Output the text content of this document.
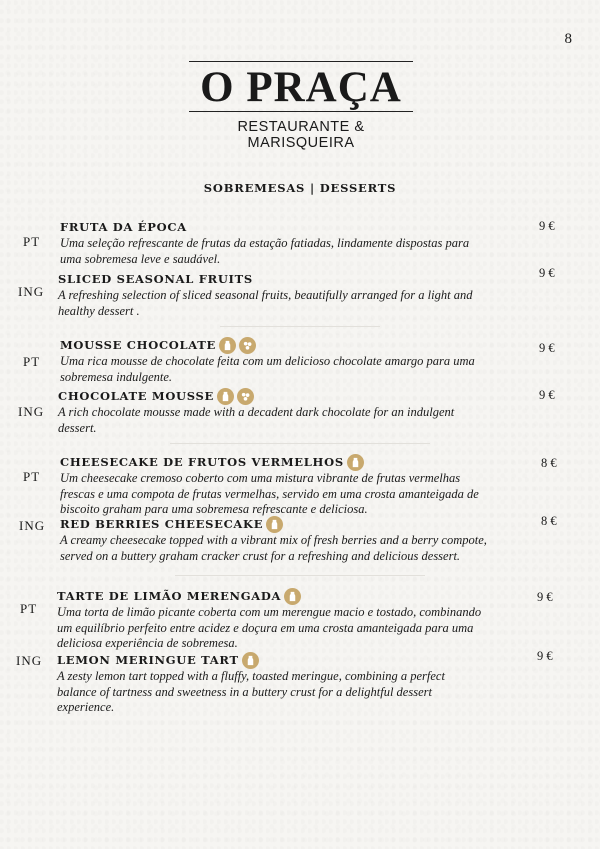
8
O PRAÇA
RESTAURANTE & MARISQUEIRA
SOBREMESAS | DESSERTS
PT
9 €
FRUTA DA ÉPOCA
Uma seleção refrescante de frutas da estação fatiadas, lindamente dispostas para
uma sobremesa leve e saudável.
ING
9 €
SLICED SEASONAL FRUITS
A refreshing selection of sliced seasonal fruits, beautifully arranged for a light and
healthy dessert .
PT
9 €
MOUSSE CHOCOLATE
Uma rica mousse de chocolate feita com um delicioso chocolate amargo para uma
sobremesa indulgente.
ING
9 €
CHOCOLATE MOUSSE
A rich chocolate mousse made with a decadent dark chocolate for an indulgent
dessert.
PT
8 €
CHEESECAKE DE FRUTOS VERMELHOS
Um cheesecake cremoso coberto com uma mistura vibrante de frutas vermelhas
frescas e uma compota de frutas vermelhas, servido em uma crosta amanteigada de
biscoito graham para uma sobremesa refrescante e deliciosa.
ING	8 €
RED BERRIES CHEESECAKE
A creamy cheesecake topped with a vibrant mix of fresh berries and a berry compote,
served on a buttery graham cracker crust for a refreshing and delicious dessert.
PT
9 €
TARTE DE LIMÃO MERENGADA
Uma torta de limão picante coberta com um merengue macio e tostado, combinando
um equilíbrio perfeito entre acidez e doçura em uma crosta amanteigada para uma
deliciosa experiência de sobremesa.
ING	9 €
LEMON MERINGUE TART
A zesty lemon tart topped with a fluffy, toasted meringue, combining a perfect
balance of tartness and sweetness in a buttery crust for a delightful dessert
experience.
